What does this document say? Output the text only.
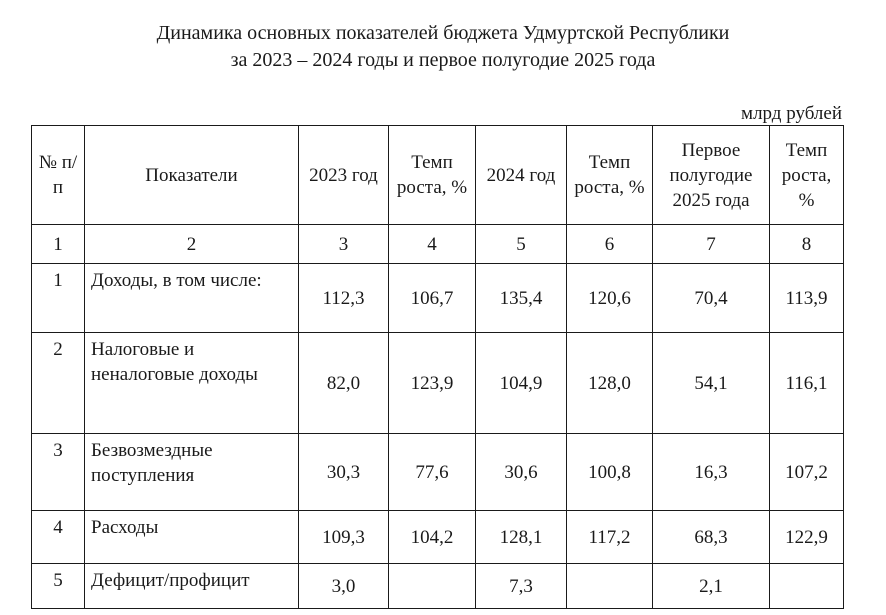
Динамика основных показателей бюджета Удмуртской Республики
за 2023 – 2024 годы и первое полугодие 2025 года
млрд рублей
№ п/п	Показатели	2023 год	Темп роста, %	2024 год	Темп роста, %	Первое полугодие 2025 года	Темп роста, %
1	2	3	4	5	6	7	8
1	Доходы, в том числе:	112,3	106,7	135,4	120,6	70,4	113,9
2	Налоговые и неналоговые доходы	82,0	123,9	104,9	128,0	54,1	116,1
3	Безвозмездные поступления	30,3	77,6	30,6	100,8	16,3	107,2
4	Расходы	109,3	104,2	128,1	117,2	68,3	122,9
5	Дефицит/профицит	3,0		7,3		2,1	
